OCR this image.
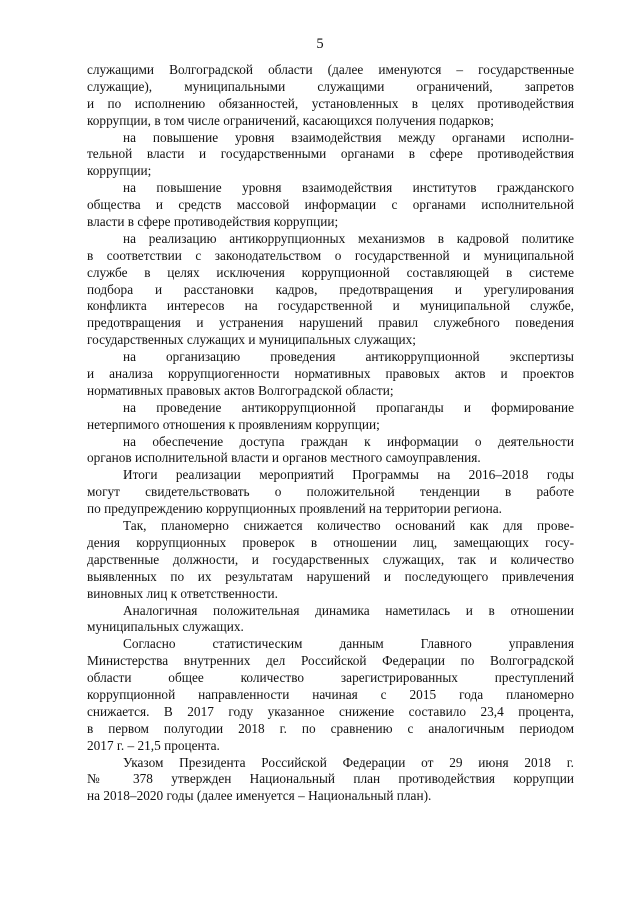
5
служащими Волгоградской области (далее именуются – государственные
служащие), муниципальными служащими ограничений, запретов
и по исполнению обязанностей, установленных в целях противодействия
коррупции, в том числе ограничений, касающихся получения подарков;
на повышение уровня взаимодействия между органами исполни-
тельной власти и государственными органами в сфере противодействия
коррупции;
на повышение уровня взаимодействия институтов гражданского
общества и средств массовой информации с органами исполнительной
власти в сфере противодействия коррупции;
на реализацию антикоррупционных механизмов в кадровой политике
в соответствии с законодательством о государственной и муниципальной
службе в целях исключения коррупционной составляющей в системе
подбора и расстановки кадров, предотвращения и урегулирования
конфликта интересов на государственной и муниципальной службе,
предотвращения и устранения нарушений правил служебного поведения
государственных служащих и муниципальных служащих;
на организацию проведения антикоррупционной экспертизы
и анализа коррупциогенности нормативных правовых актов и проектов
нормативных правовых актов Волгоградской области;
на проведение антикоррупционной пропаганды и формирование
нетерпимого отношения к проявлениям коррупции;
на обеспечение доступа граждан к информации о деятельности
органов исполнительной власти и органов местного самоуправления.
Итоги реализации мероприятий Программы на 2016–2018 годы
могут свидетельствовать о положительной тенденции в работе
по предупреждению коррупционных проявлений на территории региона.
Так, планомерно снижается количество оснований как для прове-
дения коррупционных проверок в отношении лиц, замещающих госу-
дарственные должности, и государственных служащих, так и количество
выявленных по их результатам нарушений и последующего привлечения
виновных лиц к ответственности.
Аналогичная положительная динамика наметилась и в отношении
муниципальных служащих.
Согласно статистическим данным Главного управления
Министерства внутренних дел Российской Федерации по Волгоградской
области общее количество зарегистрированных преступлений
коррупционной направленности начиная с 2015 года планомерно
снижается. В 2017 году указанное снижение составило 23,4 процента,
в первом полугодии 2018 г. по сравнению с аналогичным периодом
2017 г. – 21,5 процента.
Указом Президента Российской Федерации от 29 июня 2018 г.
№ 378 утвержден Национальный план противодействия коррупции
на 2018–2020 годы (далее именуется – Национальный план).
